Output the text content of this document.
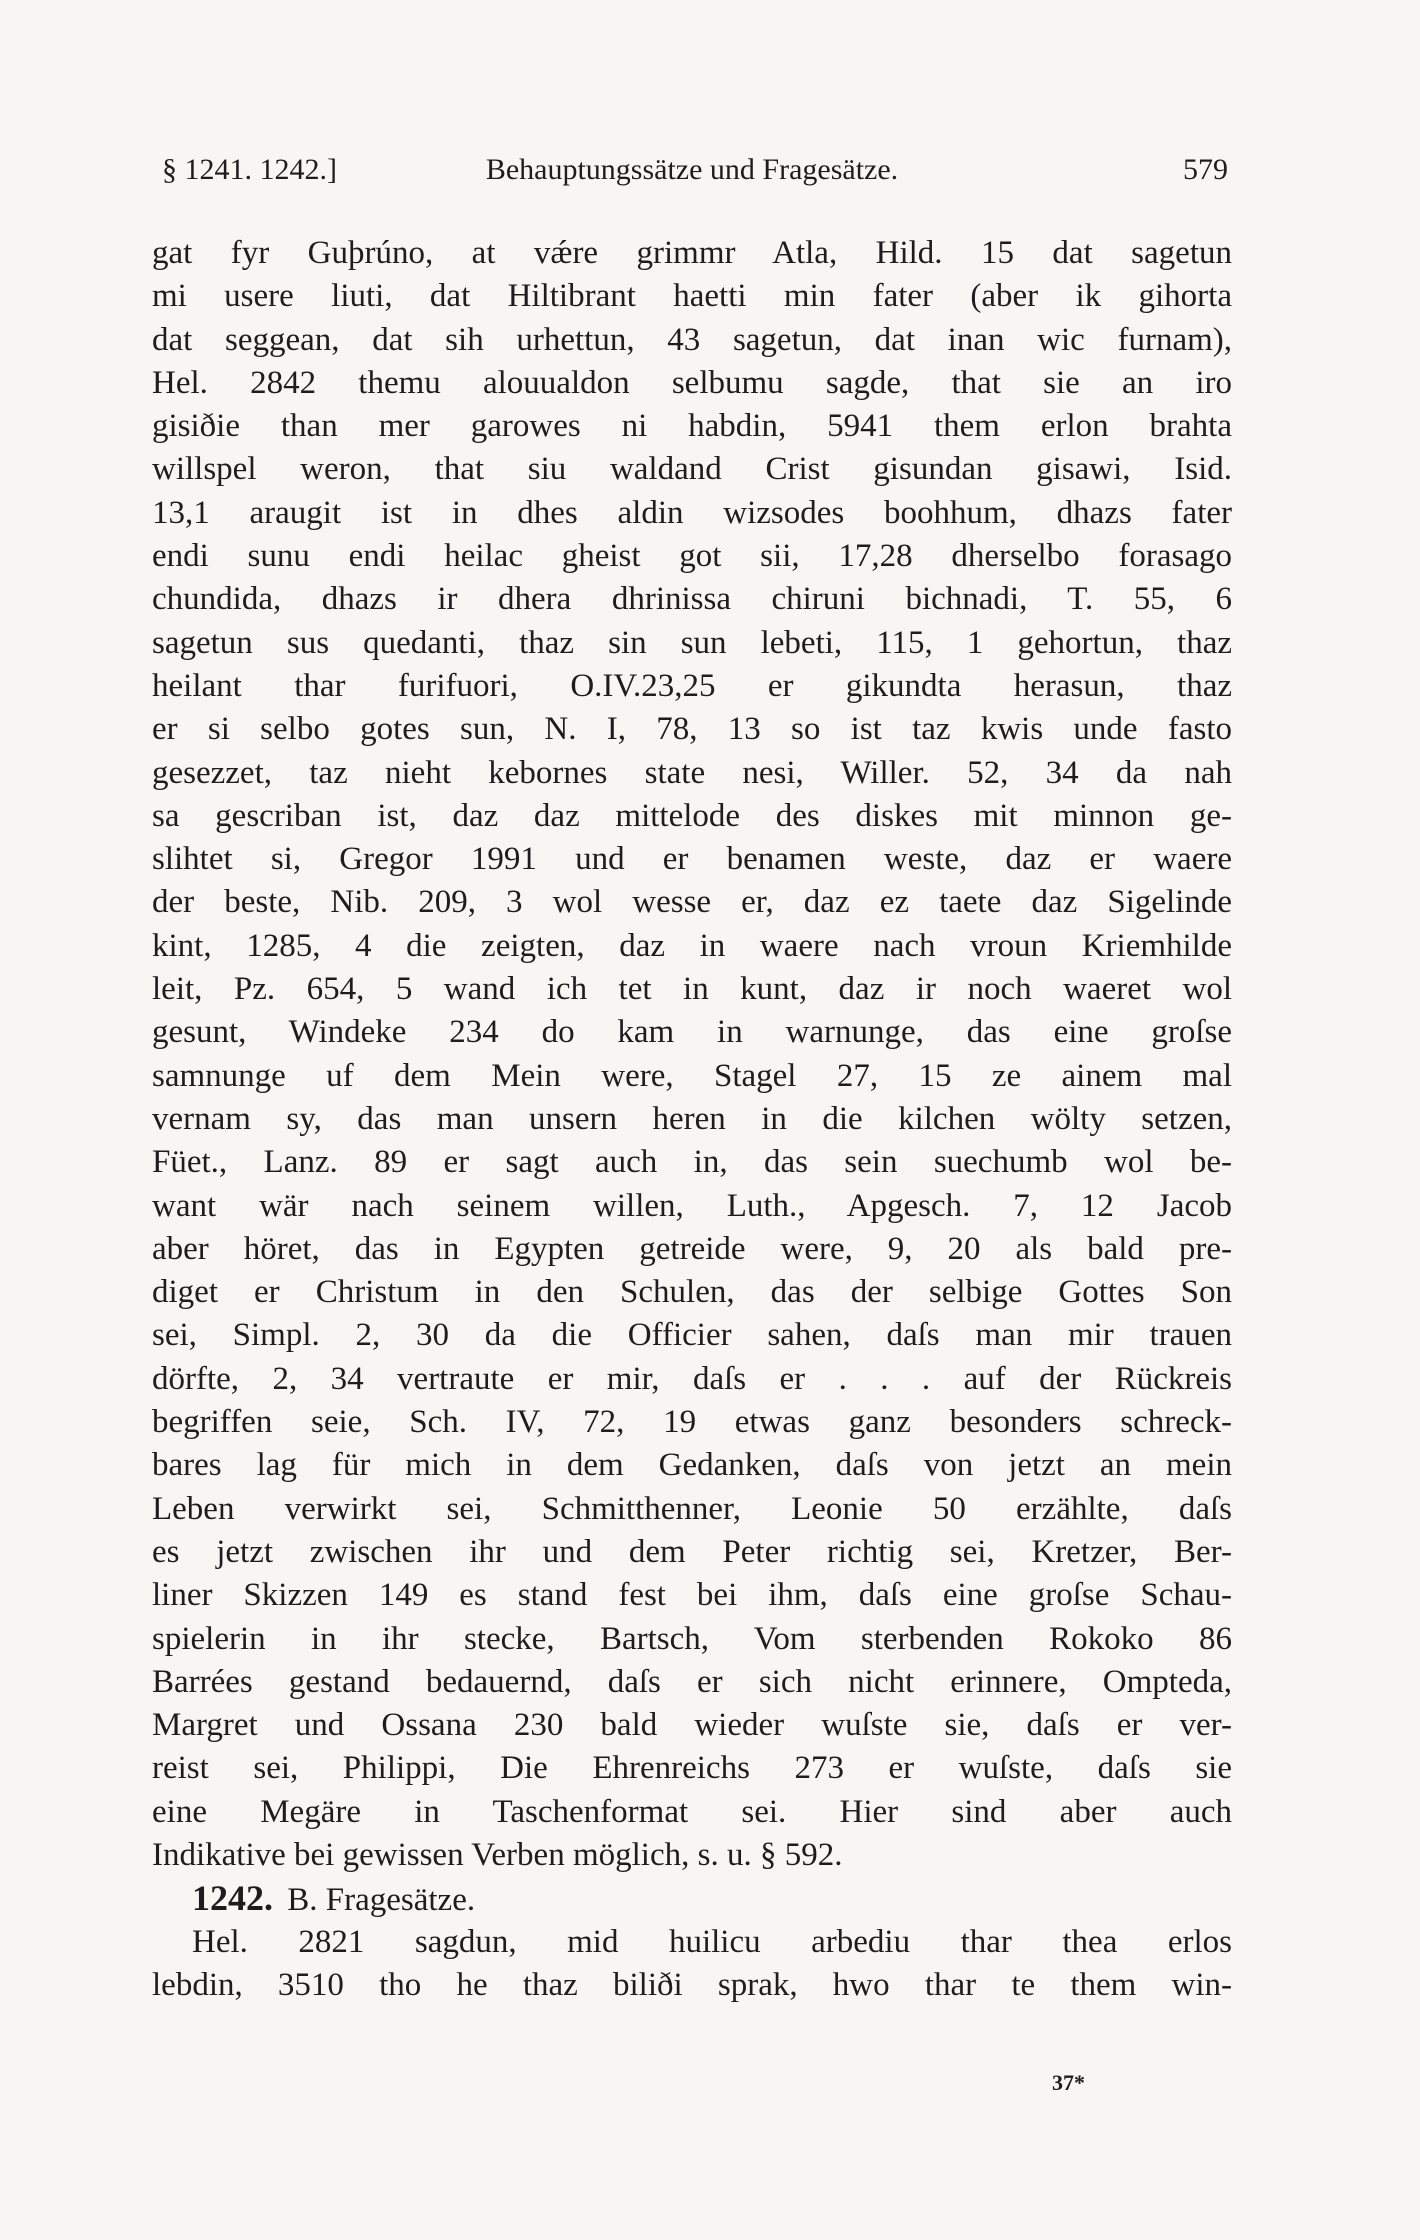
§ 1241. 1242.]	Behauptungssätze und Fragesätze.	579
gat fyr Guþrúno, at vǽre grimmr Atla, Hild. 15 dat sagetun
mi usere liuti, dat Hiltibrant haetti min fater (aber ik gihorta
dat seggean, dat sih urhettun, 43 sagetun, dat inan wic furnam),
Hel. 2842 themu alouualdon selbumu sagde, that sie an iro
gisiðie than mer garowes ni habdin, 5941 them erlon brahta
willspel weron, that siu waldand Crist gisundan gisawi, Isid.
13,1 araugit ist in dhes aldin wizsodes boohhum, dhazs fater
endi sunu endi heilac gheist got sii, 17,28 dherselbo forasago
chundida, dhazs ir dhera dhrinissa chiruni bichnadi, T. 55, 6
sagetun sus quedanti, thaz sin sun lebeti, 115, 1 gehortun, thaz
heilant thar furifuori, O.IV.23,25 er gikundta herasun, thaz
er si selbo gotes sun, N. I, 78, 13 so ist taz kwis unde fasto
gesezzet, taz nieht kebornes state nesi, Willer. 52, 34 da nah
sa gescriban ist, daz daz mittelode des diskes mit minnon ge-
slihtet si, Gregor 1991 und er benamen weste, daz er waere
der beste, Nib. 209, 3 wol wesse er, daz ez taete daz Sigelinde
kint, 1285, 4 die zeigten, daz in waere nach vroun Kriemhilde
leit, Pz. 654, 5 wand ich tet in kunt, daz ir noch waeret wol
gesunt, Windeke 234 do kam in warnunge, das eine groſse
samnunge uf dem Mein were, Stagel 27, 15 ze ainem mal
vernam sy, das man unsern heren in die kilchen wölty setzen,
Füet., Lanz. 89 er sagt auch in, das sein suechumb wol be-
want wär nach seinem willen, Luth., Apgesch. 7, 12 Jacob
aber höret, das in Egypten getreide were, 9, 20 als bald pre-
diget er Christum in den Schulen, das der selbige Gottes Son
sei, Simpl. 2, 30 da die Officier sahen, daſs man mir trauen
dörfte, 2, 34 vertraute er mir, daſs er . . . auf der Rückreis
begriffen seie, Sch. IV, 72, 19 etwas ganz besonders schreck-
bares lag für mich in dem Gedanken, daſs von jetzt an mein
Leben verwirkt sei, Schmitthenner, Leonie 50 erzählte, daſs
es jetzt zwischen ihr und dem Peter richtig sei, Kretzer, Ber-
liner Skizzen 149 es stand fest bei ihm, daſs eine groſse Schau-
spielerin in ihr stecke, Bartsch, Vom sterbenden Rokoko 86
Barrées gestand bedauernd, daſs er sich nicht erinnere, Ompteda,
Margret und Ossana 230 bald wieder wuſste sie, daſs er ver-
reist sei, Philippi, Die Ehrenreichs 273 er wuſste, daſs sie
eine Megäre in Taschenformat sei. Hier sind aber auch
Indikative bei gewissen Verben möglich, s. u. § 592.
1242. B. Fragesätze.
Hel. 2821 sagdun, mid huilicu arbediu thar thea erlos
lebdin, 3510 tho he thaz biliði sprak, hwo thar te them win-
37*
